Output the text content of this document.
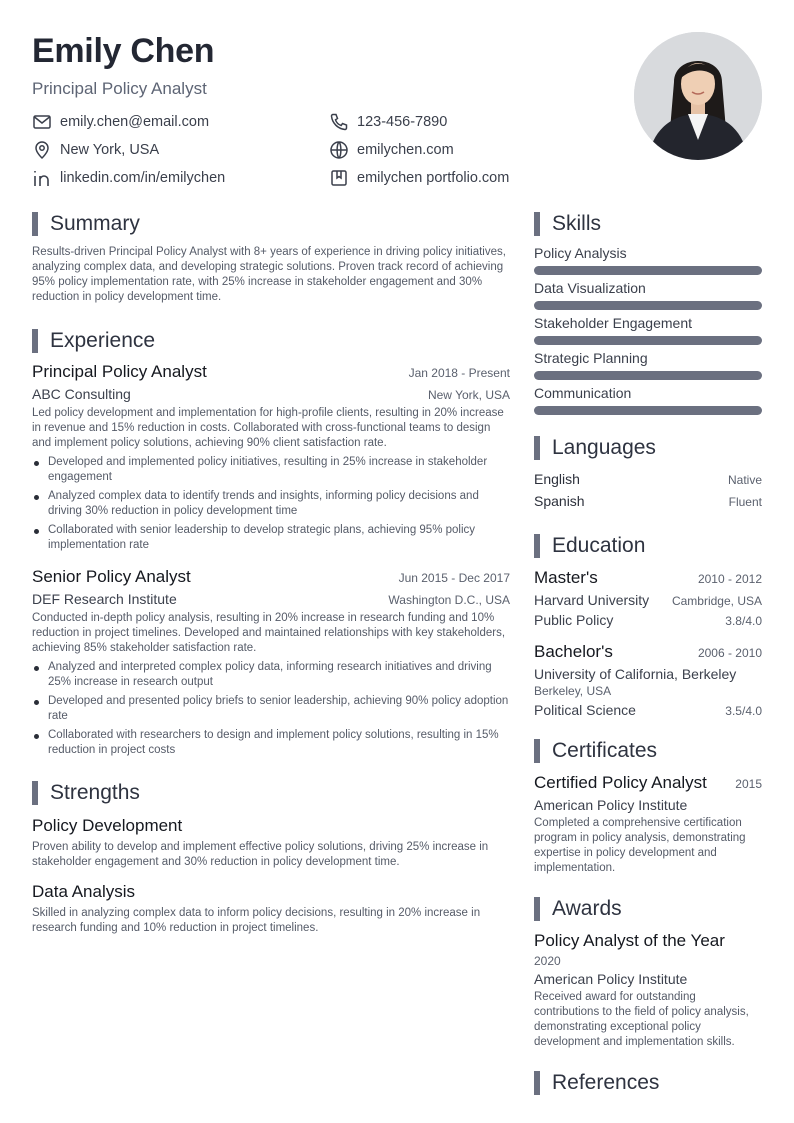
Emily Chen
Principal Policy Analyst
emily.chen@email.com	123-456-7890
New York, USA	emilychen.com
linkedin.com/in/emilychen	emilychen portfolio.com
Summary
Results-driven Principal Policy Analyst with 8+ years of experience in driving policy initiatives, analyzing complex data, and developing strategic solutions. Proven track record of achieving 95% policy implementation rate, with 25% increase in stakeholder engagement and 30% reduction in policy development time.
Experience
Principal Policy Analyst	Jan 2018 - Present
ABC Consulting	New York, USA
Led policy development and implementation for high-profile clients, resulting in 20% increase in revenue and 15% reduction in costs. Collaborated with cross-functional teams to design and implement policy solutions, achieving 90% client satisfaction rate.
Developed and implemented policy initiatives, resulting in 25% increase in stakeholder engagement
Analyzed complex data to identify trends and insights, informing policy decisions and driving 30% reduction in policy development time
Collaborated with senior leadership to develop strategic plans, achieving 95% policy implementation rate
Senior Policy Analyst	Jun 2015 - Dec 2017
DEF Research Institute	Washington D.C., USA
Conducted in-depth policy analysis, resulting in 20% increase in research funding and 10% reduction in project timelines. Developed and maintained relationships with key stakeholders, achieving 85% stakeholder satisfaction rate.
Analyzed and interpreted complex policy data, informing research initiatives and driving 25% increase in research output
Developed and presented policy briefs to senior leadership, achieving 90% policy adoption rate
Collaborated with researchers to design and implement policy solutions, resulting in 15% reduction in project costs
Strengths
Policy Development
Proven ability to develop and implement effective policy solutions, driving 25% increase in stakeholder engagement and 30% reduction in policy development time.
Data Analysis
Skilled in analyzing complex data to inform policy decisions, resulting in 20% increase in research funding and 10% reduction in project timelines.
Skills
Policy Analysis
Data Visualization
Stakeholder Engagement
Strategic Planning
Communication
Languages
English	Native
Spanish	Fluent
Education
Master's	2010 - 2012
Harvard University Cambridge, USA
Public Policy	3.8/4.0
Bachelor's	2006 - 2010
University of California, Berkeley
Berkeley, USA
Political Science	3.5/4.0
Certificates
Certified Policy Analyst 2015
American Policy Institute
Completed a comprehensive certification program in policy analysis, demonstrating expertise in policy development and implementation.
Awards
Policy Analyst of the Year
2020
American Policy Institute
Received award for outstanding contributions to the field of policy analysis, demonstrating exceptional policy development and implementation skills.
References
